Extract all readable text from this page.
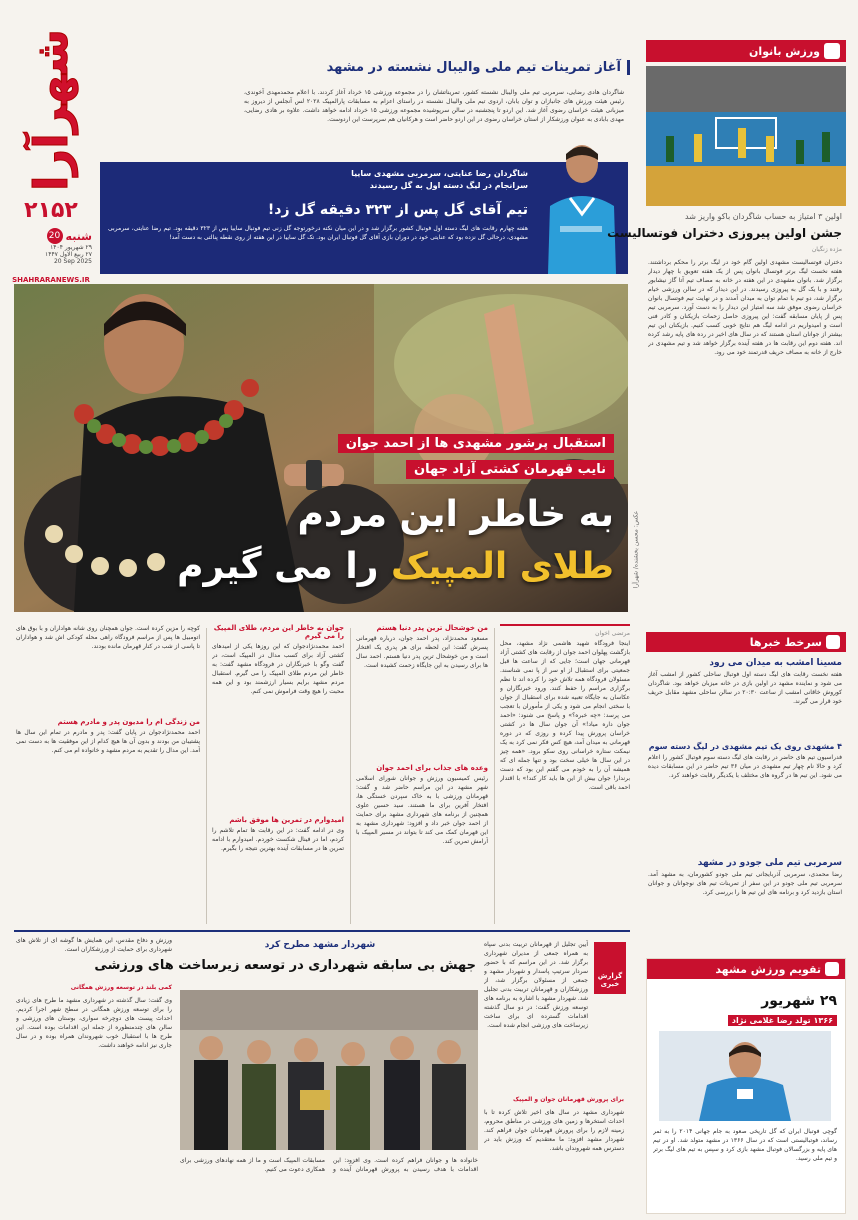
شهرآرا
۲۱۵۲
شنبه
20
۲۹ شهریور ۱۴۰۴
۲۷ ربیع الاول ۱۴۴۷
20 Sep 2025
SHAHRARANEWS.IR
آغاز تمرینات تیم ملی والیبال نشسته در مشهد
شاگردان هادی رضایی، سرمربی تیم ملی والیبال نشسته کشور، تمریناتشان را در مجموعه ورزشی ۱۵ خرداد آغاز کردند. با اعلام محمدمهدی آخوندی، رئیس هیئت ورزش های جانبازان و توان یابان، اردوی تیم ملی والیبال نشسته در راستای اعزام به مسابقات پارالمپیک ۲۰۲۸ لس آنجلس از دیروز به میزبانی هیئت خراسان رضوی آغاز شد. این اردو تا پنجشنبه در سالن سرپوشیده مجموعه ورزشی ۱۵ خرداد ادامه خواهد داشت. علاوه بر هادی رضایی، مهدی بابادی به عنوان ورزشکار از استان خراسان رضوی در این اردو حاضر است و هرکانیان هم سرپرست این اردوست.
شاگردان رضا عنایتی، سرمربی مشهدی ساییا سرانجام در لیگ دسته اول به گل رسیدند
تیم آقای گل پس از ۳۲۳ دقیقه گل زد!
هفته چهارم رقابت های لیگ دسته اول فوتبال کشور برگزار شد و در این میان نکته درخورتوجه گل زنی تیم فوتبال ساییا پس از ۳۲۳ دقیقه بود. تیم رضا عنایتی، سرمربی مشهدی، درحالی گل نزده بود که عنایتی خود در دوران بازی آقای گل فوتبال ایران بود. تک گل ساییا در این هفته از روی نقطه پنالتی به دست آمد!
استقبال پرشور مشهدی ها از احمد جوان
نایب قهرمان کشتی آزاد جهان
به خاطر این مردم
طلای المپیک را می گیرم	عکس: محسن بخشنده/ شهرآرا
مرتضی اخوان
اینجا فرودگاه شهید هاشمی نژاد مشهد، محل بازگشت پهلوان احمد جوان از رقابت های کشتی آزاد قهرمانی جهان است؛ جایی که از ساعت ها قبل جمعیتی برای استقبال از او سر از پا نمی شناسند. مسئولان فرودگاه همه تلاش خود را کرده اند تا نظم برگزاری مراسم را حفظ کنند. ورود خبرنگاران و عکاسان به جایگاه تعبیه شده برای استقبال از جوان با سختی انجام می شود و یکی از مأموران با تعجب می پرسد: «چه خبره؟» و پاسخ می شنود: «احمد جوان داره میاد!» آن جوان سال ها در کشتی خراسان پرورش پیدا کرده و روزی که در دوره قهرمانی به میدان آمد، هیچ کس فکر نمی کرد به یک نیمکت ستاره خراسانی روی سکو برود. «همه چیز در این سال ها خیلی سخت بود و تنها جمله ای که همیشه آن را به خودم می گفتم این بود که دست برندار! جوان بیش از این ها باید کار کند!» با اقتدار احمد باقی است.
من خوشحال ترین پدر دنیا هستم
مسعود محمدنژاد، پدر احمد جوان، درباره قهرمانی پسرش گفت: این لحظه برای هر پدری یک افتخار است و من خوشحال ترین پدر دنیا هستم. احمد سال ها برای رسیدن به این جایگاه زحمت کشیده است.
وعده های جذاب برای احمد جوان
رئیس کمیسیون ورزش و جوانان شورای اسلامی شهر مشهد در این مراسم حاضر شد و گفت: قهرمانان ورزشی با به خاک سپردن خستگی ها، افتخار آفرین برای ما هستند. سید حسین علوی همچنین از برنامه های شهرداری مشهد برای حمایت از احمد جوان خبر داد و افزود: شهرداری مشهد به این قهرمان کمک می کند تا بتواند در مسیر المپیک با آرامش تمرین کند.
جوان به خاطر این مردم، طلای المپیک را می گیرم
احمد محمدنژادجوان که این روزها یکی از امیدهای کشتی آزاد برای کسب مدال در المپیک است، در گفت وگو با خبرنگاران در فرودگاه مشهد گفت: به خاطر این مردم طلای المپیک را می گیرم. استقبال مردم مشهد برایم بسیار ارزشمند بود و این همه محبت را هیچ وقت فراموش نمی کنم.
امیدوارم در تمرین ها موفق باشم
وی در ادامه گفت: در این رقابت ها تمام تلاشم را کردم، اما در فینال شکست خوردم. امیدوارم با ادامه تمرین ها در مسابقات آینده بهترین نتیجه را بگیرم.
کوچه را مزین کرده است. جوان همچنان روی شانه هواداران و با بوق های اتومبیل ها پس از مراسم فرودگاه راهی محله کودکی اش شد و هواداران تا پاسی از شب در کنار قهرمان مانده بودند.
من زندگی ام را مدیون پدر و مادرم هستم
احمد محمدنژادجوان در پایان گفت: پدر و مادرم در تمام این سال ها پشتیبان من بودند و بدون آن ها هیچ کدام از این موفقیت ها به دست نمی آمد. این مدال را تقدیم به مردم مشهد و خانواده ام می کنم.
شهردار مشهد مطرح کرد
جهش بی سابقه شهرداری در توسعه زیرساخت های ورزشی
گزارش خبری
آیین تجلیل از قهرمانان تربیت بدنی سپاه به همراه جمعی از مدیران شهرداری برگزار شد. در این مراسم که با حضور سردار سرتیپ پاسدار و شهردار مشهد و جمعی از مسئولان برگزار شد، از ورزشکاران و قهرمانان تربیت بدنی تجلیل شد. شهردار مشهد با اشاره به برنامه های توسعه ورزش گفت: در دو سال گذشته اقدامات گسترده ای برای ساخت زیرساخت های ورزشی انجام شده است.
برای پرورش قهرمانان جوان و المپیک
شهرداری مشهد در سال های اخیر تلاش کرده تا با احداث استخرها و زمین های ورزشی در مناطق محروم، زمینه لازم را برای پرورش قهرمانان جوان فراهم کند. شهردار مشهد افزود: ما معتقدیم که ورزش باید در دسترس همه شهروندان باشد.
خانواده ها و جوانان فراهم کرده است. وی افزود: این اقدامات با هدف رسیدن به پرورش قهرمانان آینده و مسابقات المپیک است و ما از همه نهادهای ورزشی برای همکاری دعوت می کنیم.
ورزش و دفاع مقدس، این همایش ها گوشه ای از تلاش های شهرداری برای حمایت از ورزشکاران است.
کمی بلند در توسعه ورزش همگانی
وی گفت: سال گذشته در شهرداری مشهد ما طرح های زیادی را برای توسعه ورزش همگانی در سطح شهر اجرا کردیم. احداث پیست های دوچرخه سواری، بوستان های ورزشی و سالن های چندمنظوره از جمله این اقدامات بوده است. این طرح ها با استقبال خوب شهروندان همراه بوده و در سال جاری نیز ادامه خواهند داشت.
ورزش بانوان
اولین ۳ امتیاز به حساب شاگردان باکو واریز شد
جشن اولین پیروزی دختران فوتسالیست
مژده زنگیان
دختران فوتسالیست مشهدی اولین گام خود در لیگ برتر را محکم برداشتند. هفته نخست لیگ برتر فوتسال بانوان پس از یک هفته تعویق با چهار دیدار برگزار شد. بانوان مشهدی در این هفته در خانه به مصاف تیم آتا گاز نیشابور رفتند و با یک گل به پیروزی رسیدند. در این دیدار که در سالن ورزشی خیام برگزار شد، دو تیم با تمام توان به میدان آمدند و در نهایت تیم فوتسال بانوان خراسان رضوی موفق شد سه امتیاز این دیدار را به دست آورد. سرمربی تیم پس از پایان مسابقه گفت: این پیروزی حاصل زحمات بازیکنان و کادر فنی است و امیدواریم در ادامه لیگ هم نتایج خوبی کسب کنیم. بازیکنان این تیم بیشتر از جوانان استان هستند که در سال های اخیر در رده های پایه رشد کرده اند. هفته دوم این رقابت ها در هفته آینده برگزار خواهد شد و تیم مشهدی در خارج از خانه به مصاف حریف قدرتمند خود می رود.
سرخط خبرها
مسینا امشب به میدان می رود
هفته نخست رقابت های لیگ دسته اول فوتبال ساحلی کشور از امشب آغاز می شود و نماینده مشهد در اولین بازی در خانه میزبان خواهد بود. شاگردان کوروش خاقانی امشب از ساعت ۲۰:۳۰ در سالن ساحلی مشهد مقابل حریف خود قرار می گیرند.
۴ مشهدی روی یک تیم مشهدی در لیگ دسته سوم
فدراسیون تیم های حاضر در رقابت های لیگ دسته سوم فوتبال کشور را اعلام کرد و حالا نام چهار تیم مشهدی در میان ۳۶ تیم حاضر در این مسابقات دیده می شود. این تیم ها در گروه های مختلف با یکدیگر رقابت خواهند کرد.
سرمربی تیم ملی جودو در مشهد
رضا محمدی، سرمربی آذربایجانی تیم ملی جودو کشورمان، به مشهد آمد. سرمربی تیم ملی جودو در این سفر از تمرینات تیم های نوجوانان و جوانان استان بازدید کرد و برنامه های این تیم ها را بررسی کرد.
تقویم ورزش مشهد
۲۹ شهریور
۱۳۶۶ تولد رضا غلامی نژاد
گوچی فوتبال ایران که گل تاریخی صعود به جام جهانی ۲۰۱۴ را به ثمر رساند، فوتبالیستی است که در سال ۱۳۶۶ در مشهد متولد شد. او در تیم های پایه و بزرگسالان فوتبال مشهد بازی کرد و سپس به تیم های لیگ برتر و تیم ملی رسید.
